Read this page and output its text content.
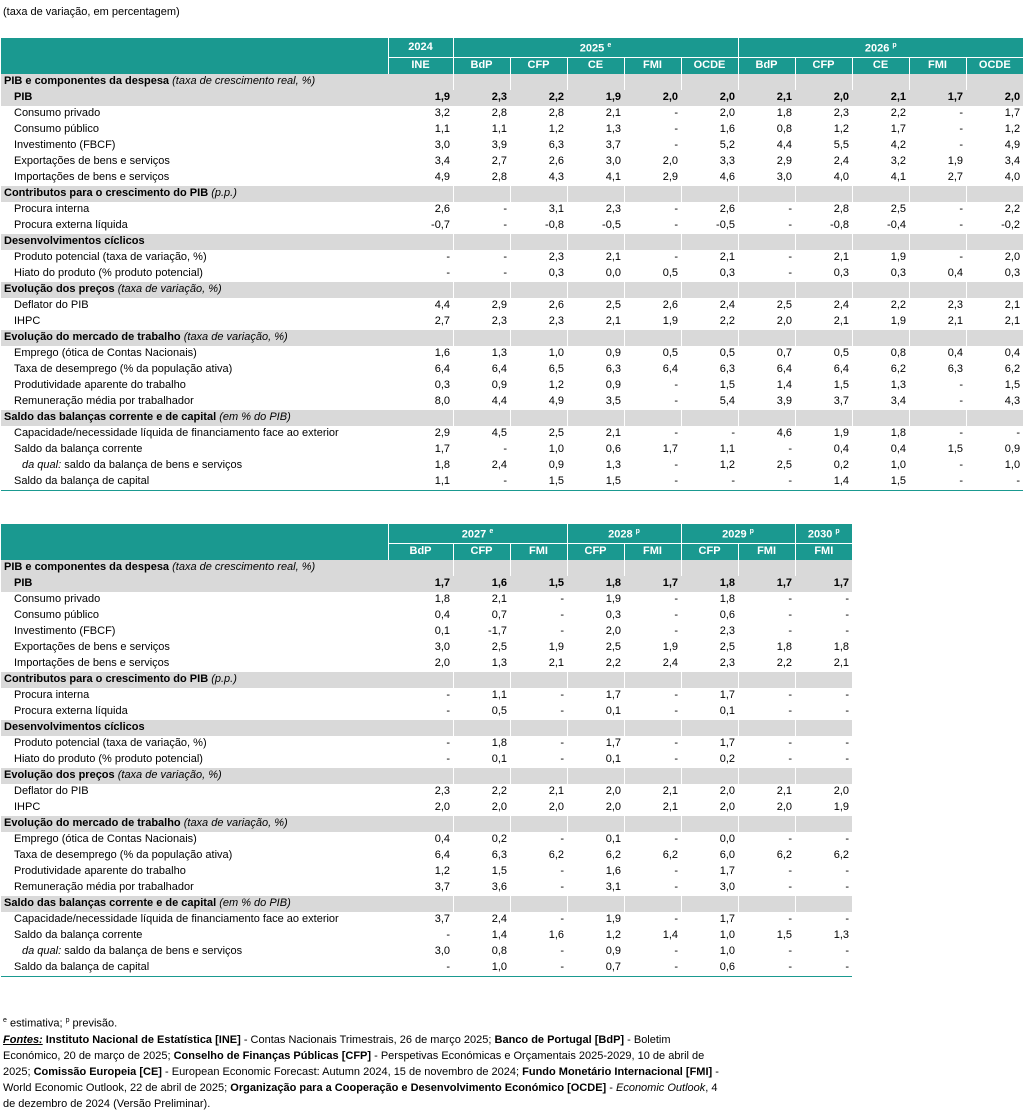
(taxa de variação, em percentagem)
	2024	2025 $^e$					2026 $^p$
	INE	BdP	CFP	CE	FMI	OCDE	BdP	CFP	CE	FMI	OCDE
PIB e componentes da despesa (taxa de crescimento real, %)											
PIB	1,9	2,3	2,2	1,9	2,0	2,0	2,1	2,0	2,1	1,7	2,0
Consumo privado	3,2	2,8	2,8	2,1	-	2,0	1,8	2,3	2,2	-	1,7
Consumo público	1,1	1,1	1,2	1,3	-	1,6	0,8	1,2	1,7	-	1,2
Investimento (FBCF)	3,0	3,9	6,3	3,7	-	5,2	4,4	5,5	4,2	-	4,9
Exportações de bens e serviços	3,4	2,7	2,6	3,0	2,0	3,3	2,9	2,4	3,2	1,9	3,4
Importações de bens e serviços	4,9	2,8	4,3	4,1	2,9	4,6	3,0	4,0	4,1	2,7	4,0
Contributos para o crescimento do PIB (p.p.)											
Procura interna	2,6	-	3,1	2,3	-	2,6	-	2,8	2,5	-	2,2
Procura externa líquida	-0,7	-	-0,8	-0,5	-	-0,5	-	-0,8	-0,4	-	-0,2
Desenvolvimentos cíclicos											
Produto potencial (taxa de variação, %)	-	-	2,3	2,1	-	2,1	-	2,1	1,9	-	2,0
Hiato do produto (% produto potencial)	-	-	0,3	0,0	0,5	0,3	-	0,3	0,3	0,4	0,3
Evolução dos preços (taxa de variação, %)											
Deflator do PIB	4,4	2,9	2,6	2,5	2,6	2,4	2,5	2,4	2,2	2,3	2,1
IHPC	2,7	2,3	2,3	2,1	1,9	2,2	2,0	2,1	1,9	2,1	2,1
Evolução do mercado de trabalho (taxa de variação, %)											
Emprego (ótica de Contas Nacionais)	1,6	1,3	1,0	0,9	0,5	0,5	0,7	0,5	0,8	0,4	0,4
Taxa de desemprego (% da população ativa)	6,4	6,4	6,5	6,3	6,4	6,3	6,4	6,4	6,2	6,3	6,2
Produtividade aparente do trabalho	0,3	0,9	1,2	0,9	-	1,5	1,4	1,5	1,3	-	1,5
Remuneração média por trabalhador	8,0	4,4	4,9	3,5	-	5,4	3,9	3,7	3,4	-	4,3
Saldo das balanças corrente e de capital (em % do PIB)											
Capacidade/necessidade líquida de financiamento face ao exterior	2,9	4,5	2,5	2,1	-	-	4,6	1,9	1,8	-	-
Saldo da balança corrente	1,7	-	1,0	0,6	1,7	1,1	-	0,4	0,4	1,5	0,9
da qual: saldo da balança de bens e serviços	1,8	2,4	0,9	1,3	-	1,2	2,5	0,2	1,0	-	1,0
Saldo da balança de capital	1,1	-	1,5	1,5	-	-	-	1,4	1,5	-	-
	2027 $^e$			2028 $^p$		2029 $^p$		2030 $^p$
	BdP	CFP	FMI	CFP	FMI	CFP	FMI	FMI
PIB e componentes da despesa (taxa de crescimento real, %)								
PIB	1,7	1,6	1,5	1,8	1,7	1,8	1,7	1,7
Consumo privado	1,8	2,1	-	1,9	-	1,8	-	-
Consumo público	0,4	0,7	-	0,3	-	0,6	-	-
Investimento (FBCF)	0,1	-1,7	-	2,0	-	2,3	-	-
Exportações de bens e serviços	3,0	2,5	1,9	2,5	1,9	2,5	1,8	1,8
Importações de bens e serviços	2,0	1,3	2,1	2,2	2,4	2,3	2,2	2,1
Contributos para o crescimento do PIB (p.p.)								
Procura interna	-	1,1	-	1,7	-	1,7	-	-
Procura externa líquida	-	0,5	-	0,1	-	0,1	-	-
Desenvolvimentos cíclicos								
Produto potencial (taxa de variação, %)	-	1,8	-	1,7	-	1,7	-	-
Hiato do produto (% produto potencial)	-	0,1	-	0,1	-	0,2	-	-
Evolução dos preços (taxa de variação, %)								
Deflator do PIB	2,3	2,2	2,1	2,0	2,1	2,0	2,1	2,0
IHPC	2,0	2,0	2,0	2,0	2,1	2,0	2,0	1,9
Evolução do mercado de trabalho (taxa de variação, %)								
Emprego (ótica de Contas Nacionais)	0,4	0,2	-	0,1	-	0,0	-	-
Taxa de desemprego (% da população ativa)	6,4	6,3	6,2	6,2	6,2	6,0	6,2	6,2
Produtividade aparente do trabalho	1,2	1,5	-	1,6	-	1,7	-	-
Remuneração média por trabalhador	3,7	3,6	-	3,1	-	3,0	-	-
Saldo das balanças corrente e de capital (em % do PIB)								
Capacidade/necessidade líquida de financiamento face ao exterior	3,7	2,4	-	1,9	-	1,7	-	-
Saldo da balança corrente	-	1,4	1,6	1,2	1,4	1,0	1,5	1,3
da qual: saldo da balança de bens e serviços	3,0	0,8	-	0,9	-	1,0	-	-
Saldo da balança de capital	-	1,0	-	0,7	-	0,6	-	-
$^e$ estimativa; $^p$ previsão.
Fontes: Instituto Nacional de Estatística [INE] - Contas Nacionais Trimestrais, 26 de março 2025; Banco de Portugal [BdP] - Boletim Económico, 20 de março de 2025; Conselho de Finanças Públicas [CFP] - Perspetivas Económicas e Orçamentais 2025-2029, 10 de abril de 2025; Comissão Europeia [CE] - European Economic Forecast: Autumn 2024, 15 de novembro de 2024; Fundo Monetário Internacional [FMI] - World Economic Outlook, 22 de abril de 2025; Organização para a Cooperação e Desenvolvimento Económico [OCDE] - Economic Outlook, 4 de dezembro de 2024 (Versão Preliminar).
